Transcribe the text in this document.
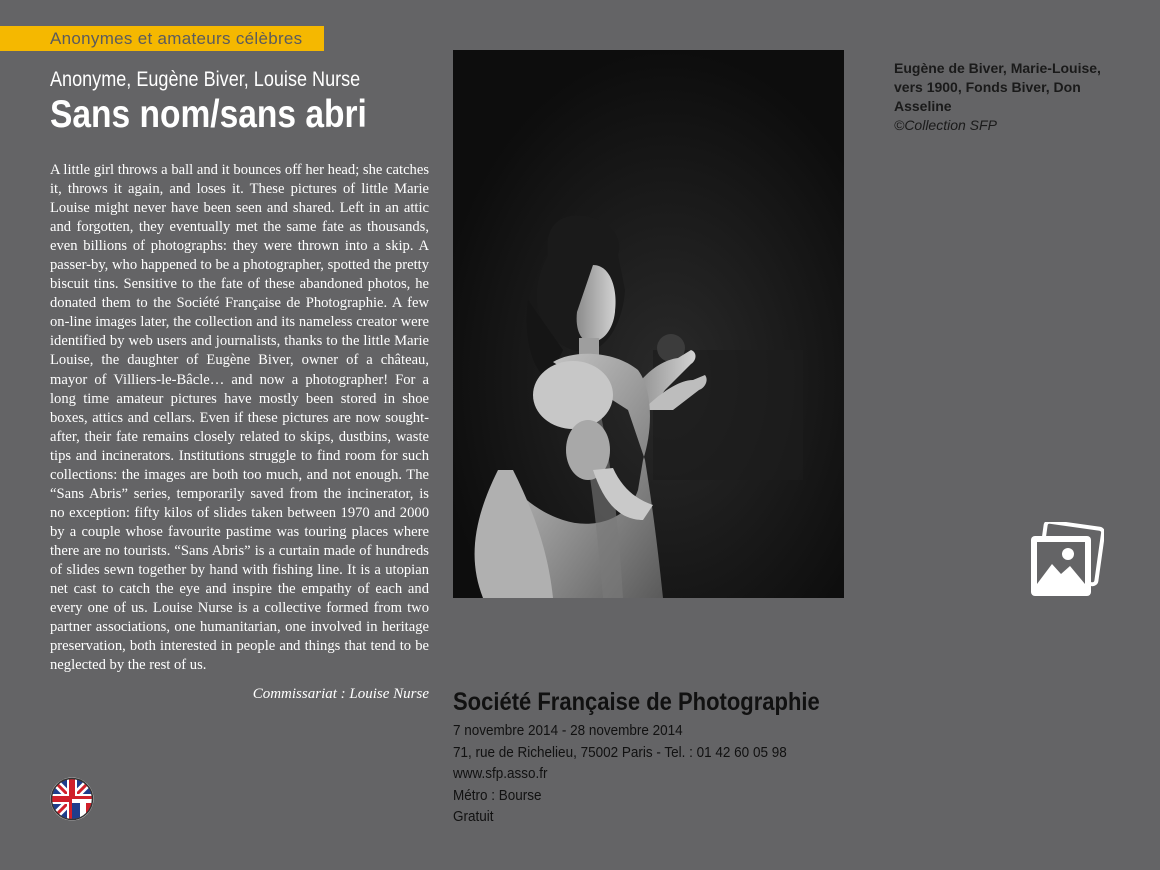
Anonymes et amateurs célèbres
Anonyme, Eugène Biver, Louise Nurse
Sans nom/sans abri

A little girl throws a ball and it bounces off her head; she catches it, throws it again, and loses it. These pictures of little Marie Louise might never have been seen and shared. Left in an attic and forgotten, they eventually met the same fate as thousands, even billions of photographs: they were thrown into a skip. A passer-by, who happened to be a photographer, spotted the pretty biscuit tins. Sensitive to the fate of these abandoned photos, he donated them to the Société Française de Photographie. A few on-line images later, the collection and its nameless creator were identified by web users and journalists, thanks to the little Marie Louise, the daughter of Eugène Biver, owner of a château, mayor of Villiers-le-Bâcle… and now a photographer! For a long time amateur pictures have mostly been stored in shoe boxes, attics and cellars. Even if these pictures are now sought-after, their fate remains closely related to skips, dustbins, waste tips and incinerators. Institutions struggle to find room for such collections: the images are both too much, and not enough. The “Sans Abris” series, temporarily saved from the incinerator, is no exception: fifty kilos of slides taken between 1970 and 2000 by a couple whose favourite pastime was touring places where there are no tourists. “Sans Abris” is a curtain made of hundreds of slides sewn together by hand with fishing line. It is a utopian net cast to catch the eye and inspire the empathy of each and every one of us. Louise Nurse is a collective formed from two partner associations, one humanitarian, one involved in heritage preservation, both interested in people and things that tend to be neglected by the rest of us.

Commissariat : Louise Nurse
Eugène de Biver, Marie-Louise, vers 1900, Fonds Biver, Don Asseline
©Collection SFP
Société Française de Photographie
7 novembre 2014 - 28 novembre 2014
71, rue de Richelieu, 75002 Paris - Tel. : 01 42 60 05 98
www.sfp.asso.fr
Métro : Bourse
Gratuit
